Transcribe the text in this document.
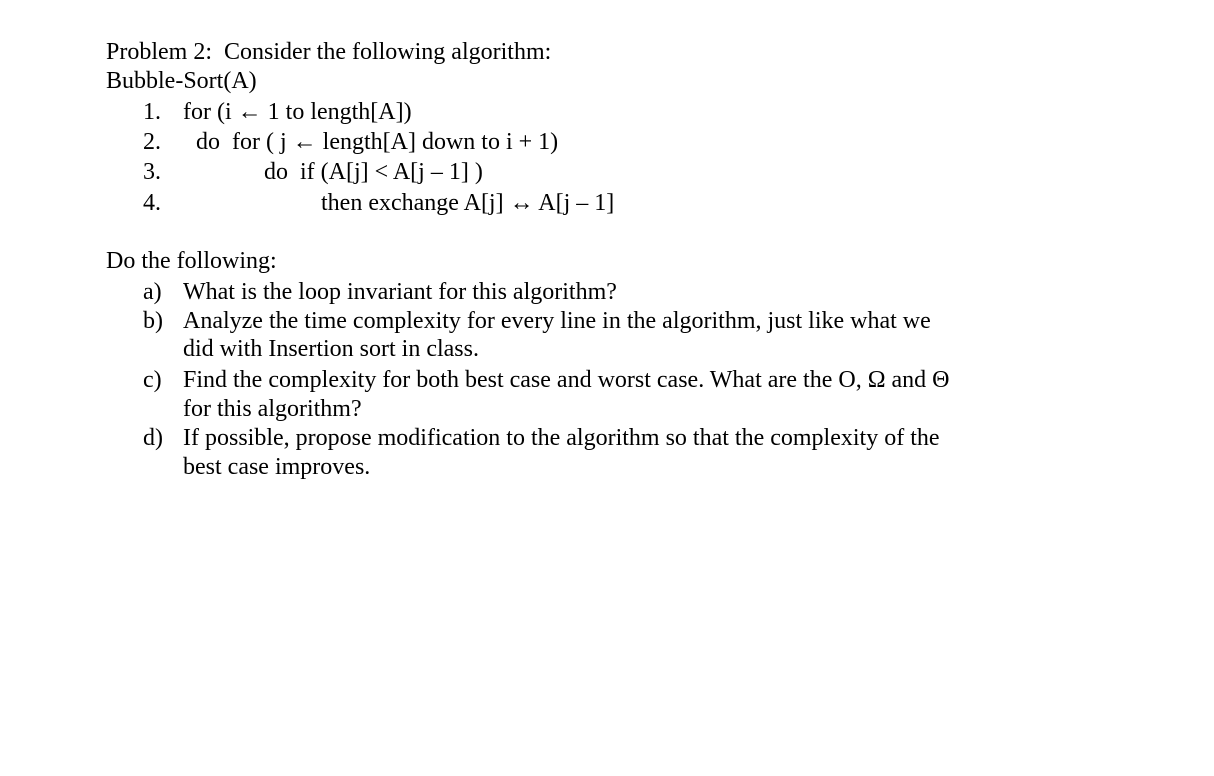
Problem 2:  Consider the following algorithm:
Bubble-Sort(A)
1. for (i ← 1 to length[A])
2. do  for ( j ← length[A] down to i + 1)
3.	do  if (A[j] < A[j – 1] )
4.	then exchange A[j] ↔ A[j – 1]
Do the following:
a) What is the loop invariant for this algorithm?
b) Analyze the time complexity for every line in the algorithm, just like what we
did with Insertion sort in class.
c) Find the complexity for both best case and worst case. What are the O, Ω and Θ
for this algorithm?
d) If possible, propose modification to the algorithm so that the complexity of the
best case improves.
